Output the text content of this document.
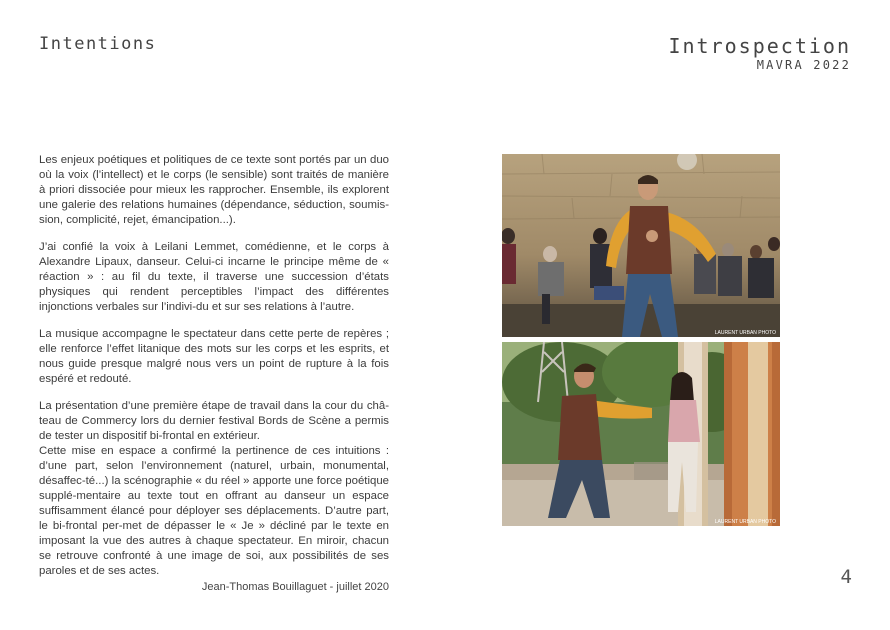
Intentions	Introspection
MAVRA 2022

Les enjeux poétiques et politiques de ce texte sont portés par un duo où la voix (l’intellect) et le corps (le sensible) sont traités de manière à priori dissociée pour mieux les rapprocher. Ensemble, ils explorent une galerie des relations humaines (dépendance, séduction, soumis-sion, complicité, rejet, émancipation...).

J’ai confié la voix à Leilani Lemmet, comédienne, et le corps à Alexandre Lipaux, danseur. Celui-ci incarne le principe même de « réaction » : au fil du texte, il traverse une succession d’états physiques qui rendent perceptibles l’impact des différentes injonctions verbales sur l’indivi-du et sur ses relations à l’autre.

La musique accompagne le spectateur dans cette perte de repères ; elle renforce l’effet litanique des mots sur les corps et les esprits, et nous guide presque malgré nous vers un point de rupture à la fois espéré et redouté.

La présentation d’une première étape de travail dans la cour du châ-teau de Commercy lors du dernier festival Bords de Scène a permis de tester un dispositif bi-frontal en extérieur.

Cette mise en espace a confirmé la pertinence de ces intuitions : d’une part, selon l’environnement (naturel, urbain, monumental, désaffec-té...) la scénographie « du réel » apporte une force poétique supplé-mentaire au texte tout en offrant au danseur un espace suffisamment élancé pour déployer ses déplacements. D’autre part, le bi-frontal per-met de dépasser le « Je » décliné par le texte en imposant la vue des autres à chaque spectateur. En miroir, chacun se retrouve confronté à une image de soi, aux possibilités de ses paroles et de ses actes.

Jean-Thomas Bouillaguet - juillet 2020
LAURENT URBAN PHOTO
LAURENT URBAN PHOTO
4
